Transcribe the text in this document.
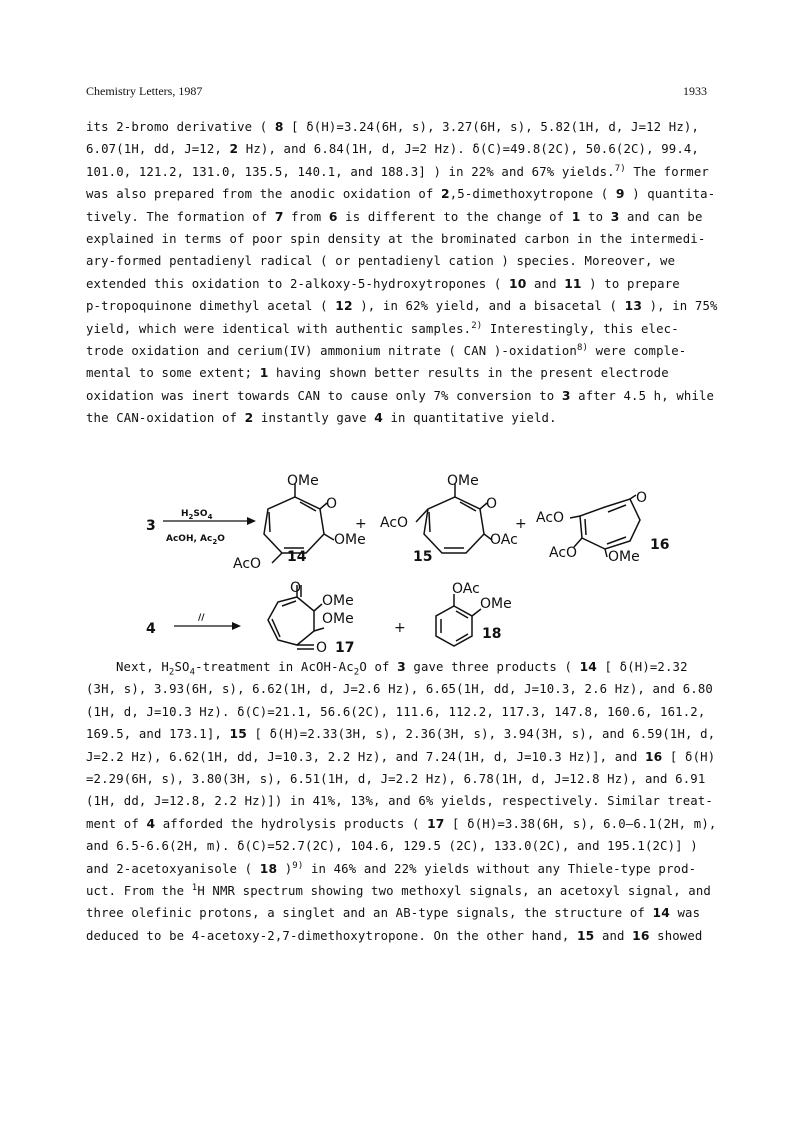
Chemistry Letters, 1987	1933
its 2-bromo derivative ( 8 [ δ(H)=3.24(6H, s), 3.27(6H, s), 5.82(1H, d, J=12 Hz),
6.07(1H, dd, J=12, 2 Hz), and 6.84(1H, d, J=2 Hz). δ(C)=49.8(2C), 50.6(2C), 99.4,
101.0, 121.2, 131.0, 135.5, 140.1, and 188.3] ) in 22% and 67% yields.$^{7)}$ The former
was also prepared from the anodic oxidation of 2,5-dimethoxytropone ( 9 ) quantita-
tively. The formation of 7 from 6 is different to the change of 1 to 3 and can be
explained in terms of poor spin density at the brominated carbon in the intermedi-
ary-formed pentadienyl radical ( or pentadienyl cation ) species. Moreover, we
extended this oxidation to 2-alkoxy-5-hydroxytropones ( 10 and 11 ) to prepare
p-tropoquinone dimethyl acetal ( 12 ), in 62% yield, and a bisacetal ( 13 ), in 75%
yield, which were identical with authentic samples.$^{2)}$ Interestingly, this elec-
trode oxidation and cerium(IV) ammonium nitrate ( CAN )-oxidation$^{8)}$ were comple-
mental to some extent; 1 having shown better results in the present electrode
oxidation was inert towards CAN to cause only 7% conversion to 3 after 4.5 h, while
the CAN-oxidation of 2 instantly gave 4 in quantitative yield.
3
$H_2SO_4$
AcOH, $Ac_2O$
OMe
O
OMe
AcO 14
+
OMe
O
OAc
AcO
15
+
O
AcO
AcO OMe
16
4
//
O
OMe
OMe
O 17
+
OAc
OMe
18
Next, $H_2SO_4$-treatment in AcOH-$Ac_2O$ of 3 gave three products ( 14 [ δ(H)=2.32
(3H, s), 3.93(6H, s), 6.62(1H, d, J=2.6 Hz), 6.65(1H, dd, J=10.3, 2.6 Hz), and 6.80
(1H, d, J=10.3 Hz). δ(C)=21.1, 56.6(2C), 111.6, 112.2, 117.3, 147.8, 160.6, 161.2,
169.5, and 173.1], 15 [ δ(H)=2.33(3H, s), 2.36(3H, s), 3.94(3H, s), and 6.59(1H, d,
J=2.2 Hz), 6.62(1H, dd, J=10.3, 2.2 Hz), and 7.24(1H, d, J=10.3 Hz)], and 16 [ δ(H)
=2.29(6H, s), 3.80(3H, s), 6.51(1H, d, J=2.2 Hz), 6.78(1H, d, J=12.8 Hz), and 6.91
(1H, dd, J=12.8, 2.2 Hz)]) in 41%, 13%, and 6% yields, respectively. Similar treat-
ment of 4 afforded the hydrolysis products ( 17 [ δ(H)=3.38(6H, s), 6.0–6.1(2H, m),
and 6.5-6.6(2H, m). δ(C)=52.7(2C), 104.6, 129.5 (2C), 133.0(2C), and 195.1(2C)] )
and 2-acetoxyanisole ( 18 )$^{9)}$ in 46% and 22% yields without any Thiele-type prod-
uct. From the $^1$H NMR spectrum showing two methoxyl signals, an acetoxyl signal, and
three olefinic protons, a singlet and an AB-type signals, the structure of 14 was
deduced to be 4-acetoxy-2,7-dimethoxytropone. On the other hand, 15 and 16 showed
